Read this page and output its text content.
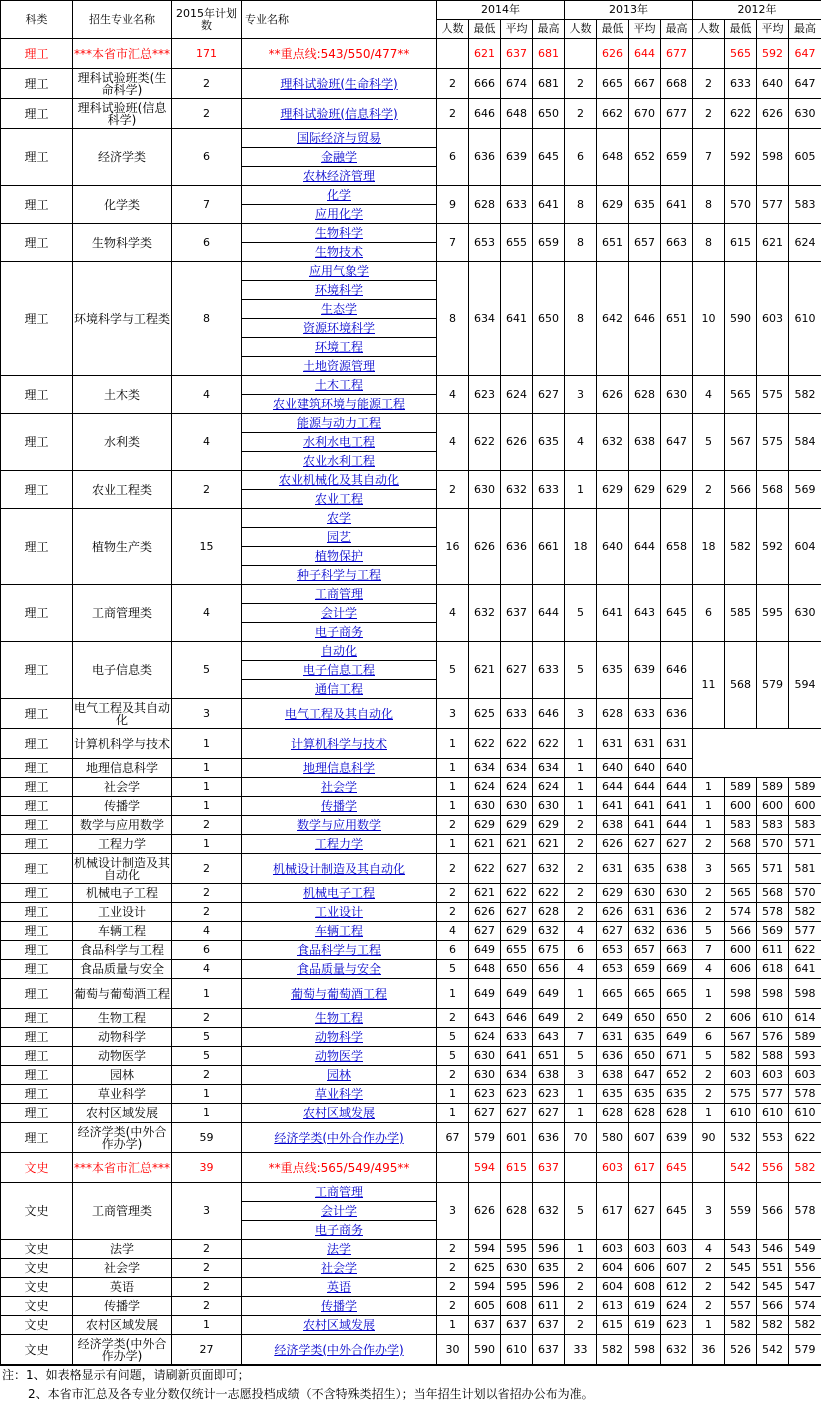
科类	招生专业名称	2015年计划数	专业名称	2014年				2013年				2012年			
				人数	最低	平均	最高	人数	最低	平均	最高	人数	最低	平均	最高
理工	***本省市汇总***	171	**重点线:543/550/477**		621	637	681		626	644	677		565	592	647
理工	理科试验班类(生命科学)	2	理科试验班(生命科学)	2	666	674	681	2	665	667	668	2	633	640	647
理工	理科试验班(信息科学)	2	理科试验班(信息科学)	2	646	648	650	2	662	670	677	2	622	626	630
理工	经济学类	6	国际经济与贸易	6	636	639	645	6	648	652	659	7	592	598	605
			金融学												
			农林经济管理												
理工	化学类	7	化学	9	628	633	641	8	629	635	641	8	570	577	583
			应用化学												
理工	生物科学类	6	生物科学	7	653	655	659	8	651	657	663	8	615	621	624
			生物技术												
理工	环境科学与工程类	8	应用气象学	8	634	641	650	8	642	646	651	10	590	603	610
			环境科学												
			生态学												
			资源环境科学												
			环境工程												
			土地资源管理												
理工	土木类	4	土木工程	4	623	624	627	3	626	628	630	4	565	575	582
			农业建筑环境与能源工程												
理工	水利类	4	能源与动力工程	4	622	626	635	4	632	638	647	5	567	575	584
			水利水电工程												
			农业水利工程												
理工	农业工程类	2	农业机械化及其自动化	2	630	632	633	1	629	629	629	2	566	568	569
			农业工程												
理工	植物生产类	15	农学	16	626	636	661	18	640	644	658	18	582	592	604
			园艺												
			植物保护												
			种子科学与工程												
理工	工商管理类	4	工商管理	4	632	637	644	5	641	643	645	6	585	595	630
			会计学												
			电子商务												
理工	电子信息类	5	自动化	5	621	627	633	5	635	639	646	11	568	579	594
			电子信息工程												
			通信工程												
理工	电气工程及其自动化	3	电气工程及其自动化	3	625	633	646	3	628	633	636				
理工	计算机科学与技术	1	计算机科学与技术	1	622	622	622	1	631	631	631				
理工	地理信息科学	1	地理信息科学	1	634	634	634	1	640	640	640				
理工	社会学	1	社会学	1	624	624	624	1	644	644	644	1	589	589	589
理工	传播学	1	传播学	1	630	630	630	1	641	641	641	1	600	600	600
理工	数学与应用数学	2	数学与应用数学	2	629	629	629	2	638	641	644	1	583	583	583
理工	工程力学	1	工程力学	1	621	621	621	2	626	627	627	2	568	570	571
理工	机械设计制造及其自动化	2	机械设计制造及其自动化	2	622	627	632	2	631	635	638	3	565	571	581
理工	机械电子工程	2	机械电子工程	2	621	622	622	2	629	630	630	2	565	568	570
理工	工业设计	2	工业设计	2	626	627	628	2	626	631	636	2	574	578	582
理工	车辆工程	4	车辆工程	4	627	629	632	4	627	632	636	5	566	569	577
理工	食品科学与工程	6	食品科学与工程	6	649	655	675	6	653	657	663	7	600	611	622
理工	食品质量与安全	4	食品质量与安全	5	648	650	656	4	653	659	669	4	606	618	641
理工	葡萄与葡萄酒工程	1	葡萄与葡萄酒工程	1	649	649	649	1	665	665	665	1	598	598	598
理工	生物工程	2	生物工程	2	643	646	649	2	649	650	650	2	606	610	614
理工	动物科学	5	动物科学	5	624	633	643	7	631	635	649	6	567	576	589
理工	动物医学	5	动物医学	5	630	641	651	5	636	650	671	5	582	588	593
理工	园林	2	园林	2	630	634	638	3	638	647	652	2	603	603	603
理工	草业科学	1	草业科学	1	623	623	623	1	635	635	635	2	575	577	578
理工	农村区域发展	1	农村区域发展	1	627	627	627	1	628	628	628	1	610	610	610
理工	经济学类(中外合作办学)	59	经济学类(中外合作办学)	67	579	601	636	70	580	607	639	90	532	553	622
文史	***本省市汇总***	39	**重点线:565/549/495**		594	615	637		603	617	645		542	556	582
文史	工商管理类	3	工商管理	3	626	628	632	5	617	627	645	3	559	566	578
			会计学												
			电子商务												
文史	法学	2	法学	2	594	595	596	1	603	603	603	4	543	546	549
文史	社会学	2	社会学	2	625	630	635	2	604	606	607	2	545	551	556
文史	英语	2	英语	2	594	595	596	2	604	608	612	2	542	545	547
文史	传播学	2	传播学	2	605	608	611	2	613	619	624	2	557	566	574
文史	农村区域发展	1	农村区域发展	1	637	637	637	2	615	619	623	1	582	582	582
文史	经济学类(中外合作办学)	27	经济学类(中外合作办学)	30	590	610	637	33	582	598	632	36	526	542	579
注：1、如表格显示有问题，请刷新页面即可；
2、本省市汇总及各专业分数仅统计一志愿投档成绩（不含特殊类招生）；当年招生计划以省招办公布为准。
